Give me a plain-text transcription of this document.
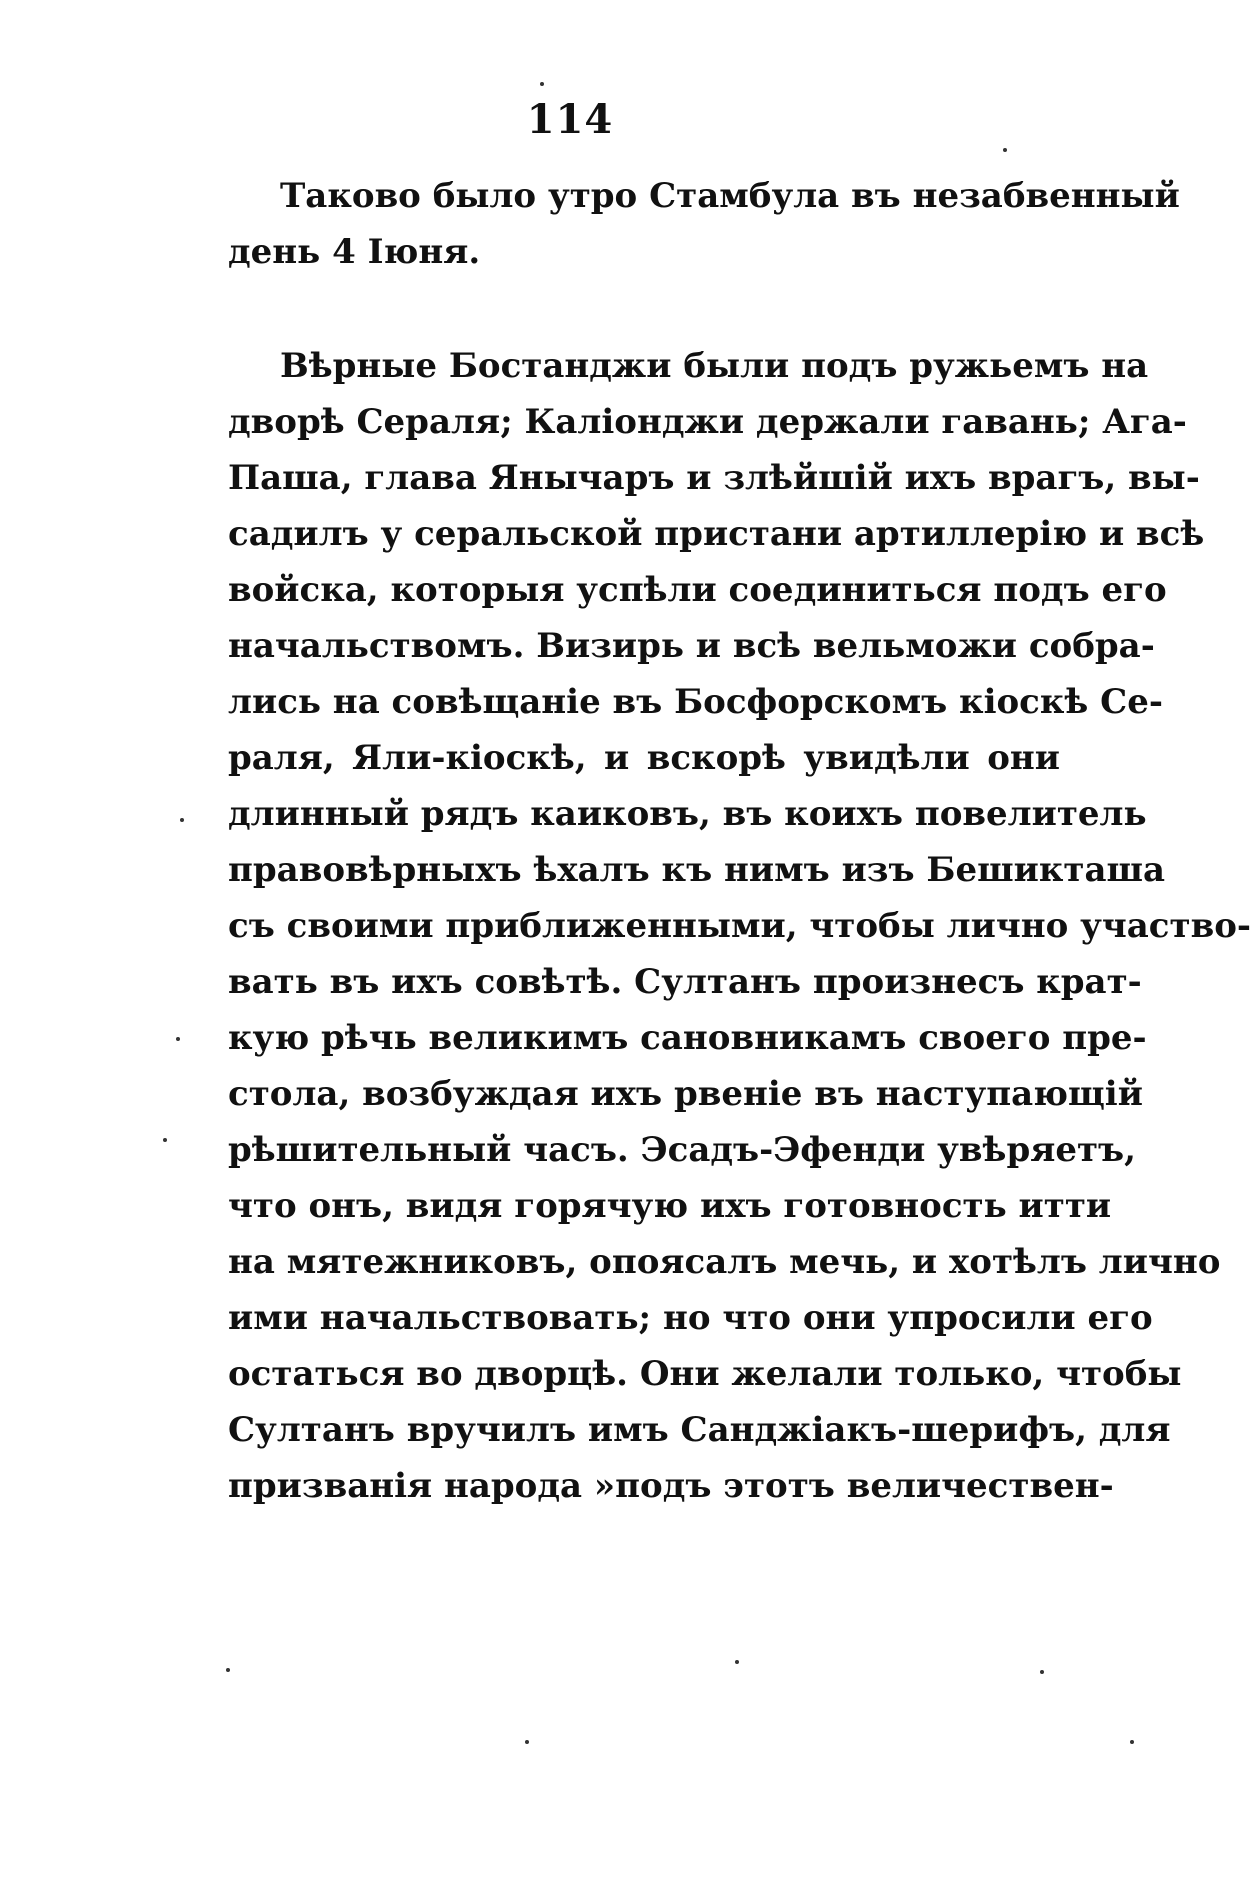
114
Таково было утро Стамбула въ незабвенный
день 4 Іюня.
Вѣрные Бостанджи были подъ ружьемъ на
дворѣ Сераля; Каліонджи держали гавань; Ага-
Паша, глава Янычаръ и злѣйшій ихъ врагъ, вы-
садилъ у серальской пристани артиллерію и всѣ
войска, которыя успѣли соединиться подъ его
начальствомъ. Визирь и всѣ вельможи собра-
лись на совѣщаніе въ Босфорскомъ кіоскѣ Се-
раля, Яли-кіоскѣ, и вскорѣ увидѣли они
длинный рядъ каиковъ, въ коихъ повелитель
правовѣрныхъ ѣхалъ къ нимъ изъ Бешикташа
съ своими приближенными, чтобы лично участво-
вать въ ихъ совѣтѣ. Султанъ произнесъ крат-
кую рѣчь великимъ сановникамъ своего пре-
стола, возбуждая ихъ рвеніе въ наступающій
рѣшительный часъ. Эсадъ-Эфенди увѣряетъ,
что онъ, видя горячую ихъ готовность итти
на мятежниковъ, опоясалъ мечь, и хотѣлъ лично
ими начальствовать; но что они упросили его
остаться во дворцѣ. Они желали только, чтобы
Султанъ вручилъ имъ Санджіакъ-шерифъ, для
призванія народа »подъ этотъ величествен-
